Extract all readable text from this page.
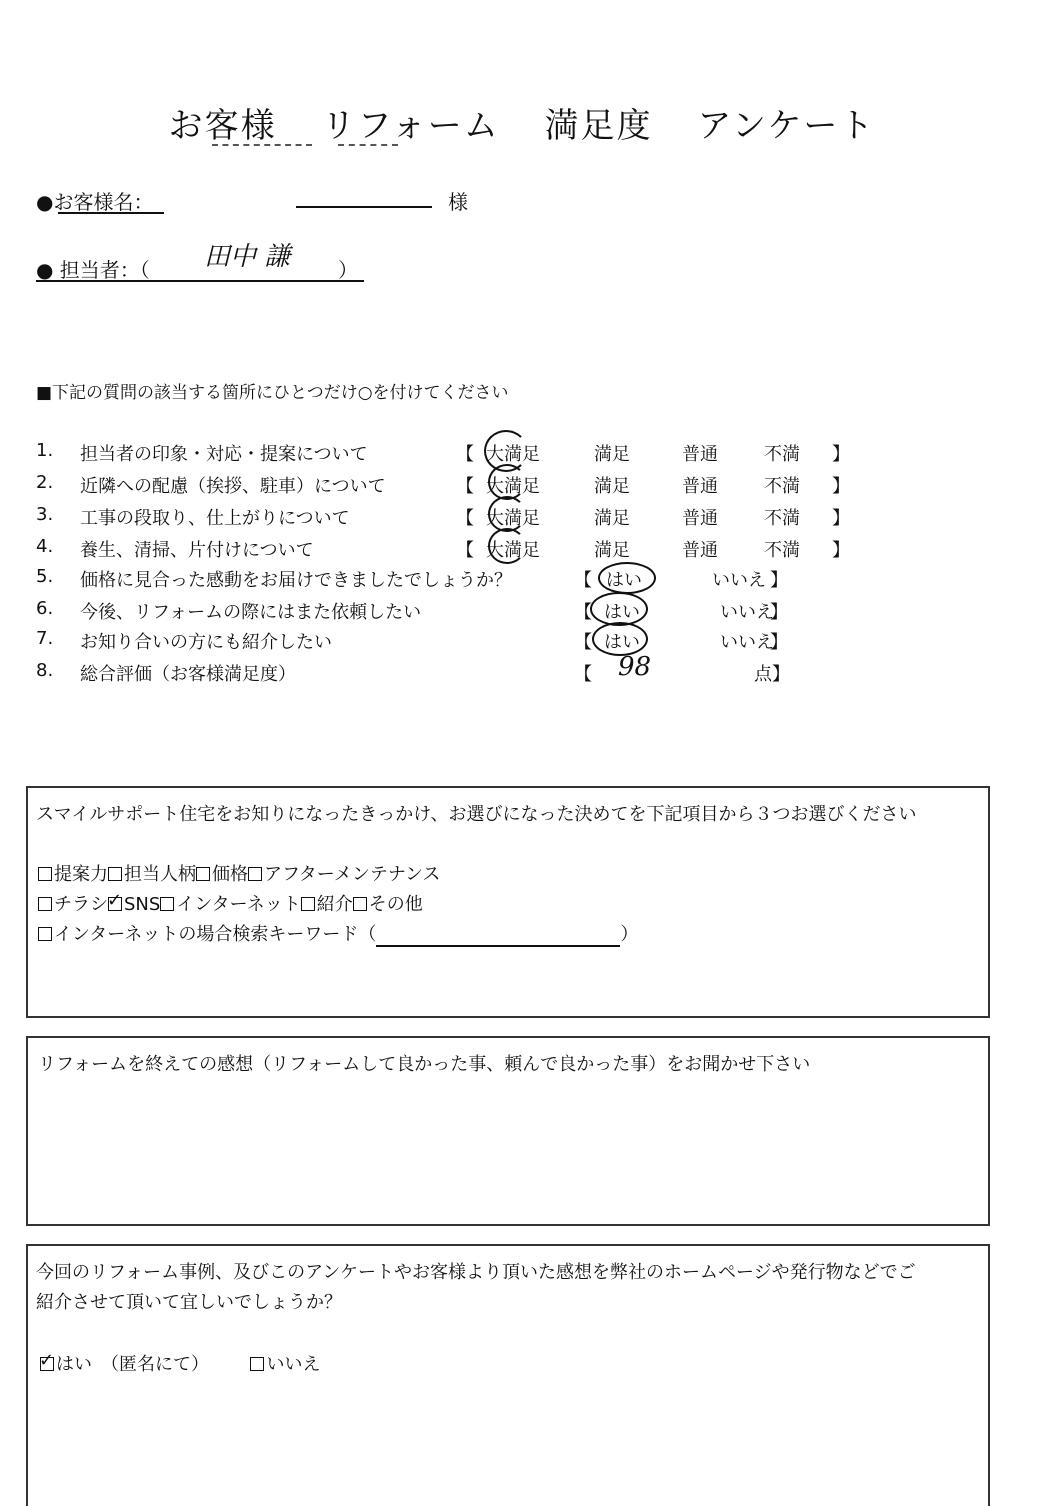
お客様 リフォーム 満足度 アンケート
●お客様名：	様
● 担当者：（ 田中 謙 ）
■下記の質問の該当する箇所にひとつだけ○を付けてください
1. 担当者の印象・対応・提案について	【 大満足	満足	普通	不満 】
2. 近隣への配慮（挨拶、駐車）について	【 大満足	満足	普通	不満 】
3. 工事の段取り、仕上がりについて	【 大満足	満足	普通	不満 】
4. 養生、清掃、片付けについて	【 大満足	満足	普通	不満 】
5. 価格に見合った感動をお届けできましたでしょうか？	【 はい	いいえ 】
6. 今後、リフォームの際にはまた依頼したい	【 はい	いいえ
】
7. お知り合いの方にも紹介したい	【 はい	いいえ
】
8. 総合評価（お客様満足度）	【 98	点】
スマイルサポート住宅をお知りになったきっかけ、お選びになった決めてを下記項目から３つお選びください
提案力 担当人柄 価格 アフターメンテナンス
チラシ✓ SNS インターネット 紹介 その他
インターネットの場合検索キーワード（	）
リフォームを終えての感想（リフォームして良かった事、頼んで良かった事）をお聞かせ下さい
今回のリフォーム事例、及びこのアンケートやお客様より頂いた感想を弊社のホームページや発行物などでご
紹介させて頂いて宜しいでしょうか？
✓はい　（匿名にて）	いいえ
